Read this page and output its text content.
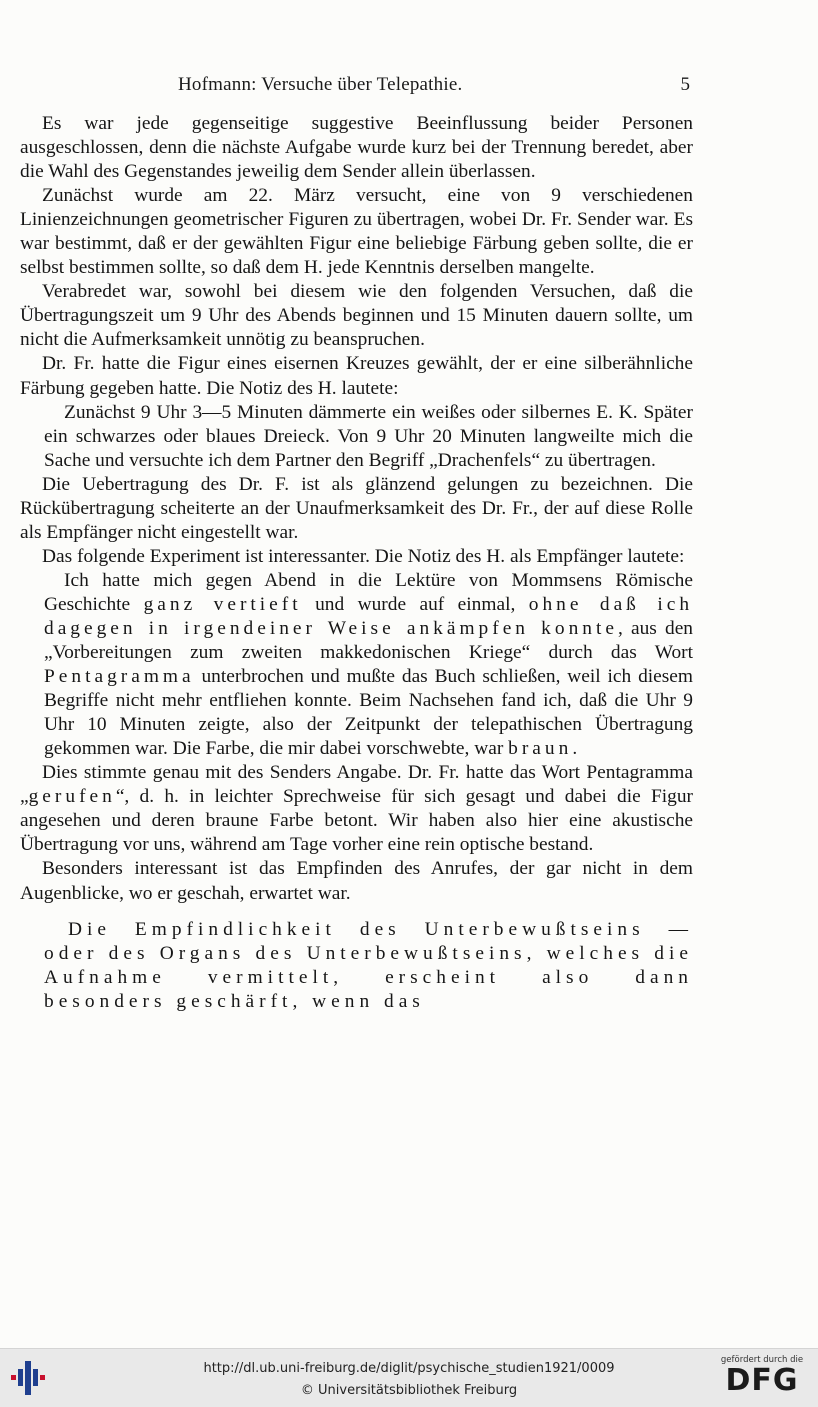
Hofmann: Versuche über Telepathie.	5

Es war jede gegenseitige suggestive Beeinflussung beider Personen ausgeschlossen, denn die nächste Aufgabe wurde kurz bei der Trennung beredet, aber die Wahl des Gegenstandes jeweilig dem Sender allein überlassen.

Zunächst wurde am 22. März versucht, eine von 9 verschiedenen Linienzeichnungen geometrischer Figuren zu übertragen, wobei Dr. Fr. Sender war. Es war bestimmt, daß er der gewählten Figur eine beliebige Färbung geben sollte, die er selbst bestimmen sollte, so daß dem H. jede Kenntnis derselben mangelte.

Verabredet war, sowohl bei diesem wie den folgenden Versuchen, daß die Übertragungszeit um 9 Uhr des Abends beginnen und 15 Minuten dauern sollte, um nicht die Aufmerksamkeit unnötig zu beanspruchen.

Dr. Fr. hatte die Figur eines eisernen Kreuzes gewählt, der er eine silberähnliche Färbung gegeben hatte. Die Notiz des H. lautete:

Zunächst 9 Uhr 3—5 Minuten dämmerte ein weißes oder silbernes E. K. Später ein schwarzes oder blaues Dreieck. Von 9 Uhr 20 Minuten langweilte mich die Sache und versuchte ich dem Partner den Begriff „Drachenfels“ zu übertragen.

Die Uebertragung des Dr. F. ist als glänzend gelungen zu bezeichnen. Die Rückübertragung scheiterte an der Unaufmerksamkeit des Dr. Fr., der auf diese Rolle als Empfänger nicht eingestellt war.

Das folgende Experiment ist interessanter. Die Notiz des H. als Empfänger lautete:

Ich hatte mich gegen Abend in die Lektüre von Mommsens Römische Geschichte ganz vertieft und wurde auf einmal, ohne daß ich dagegen in irgendeiner Weise ankämpfen konnte, aus den „Vorbereitungen zum zweiten makkedonischen Kriege“ durch das Wort Pentagramma unterbrochen und mußte das Buch schließen, weil ich diesem Begriffe nicht mehr entfliehen konnte. Beim Nachsehen fand ich, daß die Uhr 9 Uhr 10 Minuten zeigte, also der Zeitpunkt der telepathischen Übertragung gekommen war. Die Farbe, die mir dabei vorschwebte, war braun.

Dies stimmte genau mit des Senders Angabe. Dr. Fr. hatte das Wort Pentagramma „gerufen“, d. h. in leichter Sprechweise für sich gesagt und dabei die Figur angesehen und deren braune Farbe betont. Wir haben also hier eine akustische Übertragung vor uns, während am Tage vorher eine rein optische bestand.

Besonders interessant ist das Empfinden des Anrufes, der gar nicht in dem Augenblicke, wo er geschah, erwartet war.

Die Empfindlichkeit des Unterbewußtseins — oder des Organs des Unterbewußtseins, welches die Aufnahme vermittelt, erscheint also dann besonders geschärft, wenn das

http://dl.ub.uni-freiburg.de/diglit/psychische_studien1921/0009
© Universitätsbibliothek Freiburg
gefördert durch die
DFG
